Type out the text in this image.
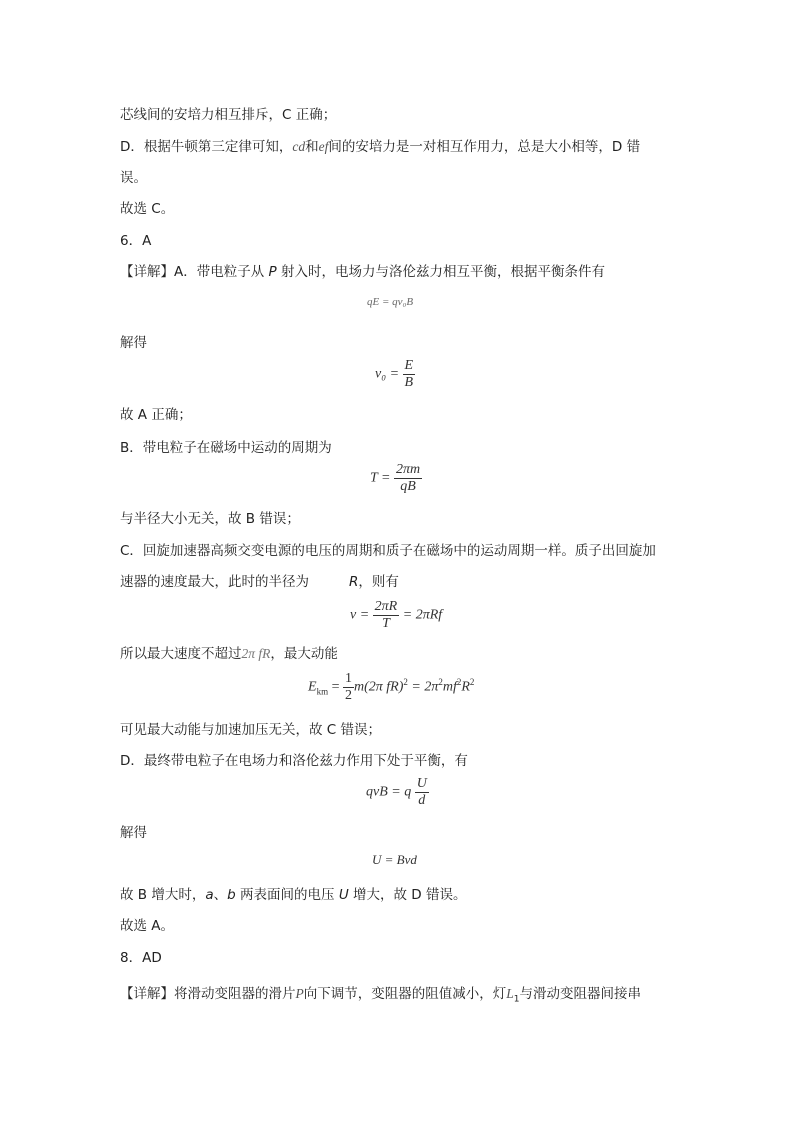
芯线间的安培力相互排斥，C 正确；
D．根据牛顿第三定律可知，cd和ef间的安培力是一对相互作用力，总是大小相等，D 错
误。
故选 C。
6．A
【详解】A．带电粒子从 P 射入时，电场力与洛伦兹力相互平衡，根据平衡条件有
qE = qv₀B
解得
$v_0 = \frac{E}{B}$
故 A 正确；
B．带电粒子在磁场中运动的周期为
$T = \frac{2\pi m}{qB}$
与半径大小无关，故 B 错误；
C．回旋加速器高频交变电源的电压的周期和质子在磁场中的运动周期一样。质子出回旋加
速器的速度最大，此时的半径为	R，则有
$v = \frac{2\pi R}{T} = 2\pi Rf$
所以最大速度不超过2π fR，最大动能
$E_{km} = \frac{1}{2} m(2\pi$ $fR)^2 = 2\pi^2mf^2R^2$
可见最大动能与加速加压无关，故 C 错误；
D．最终带电粒子在电场力和洛伦兹力作用下处于平衡，有
qvB = q $\frac{U}{d}$
解得
U = Bvd
故 B 增大时，a、b 两表面间的电压 U 增大，故 D 错误。
故选 A。
8．AD
【详解】将滑动变阻器的滑片P向下调节，变阻器的阻值减小，灯$L_1$与滑动变阻器间接串
